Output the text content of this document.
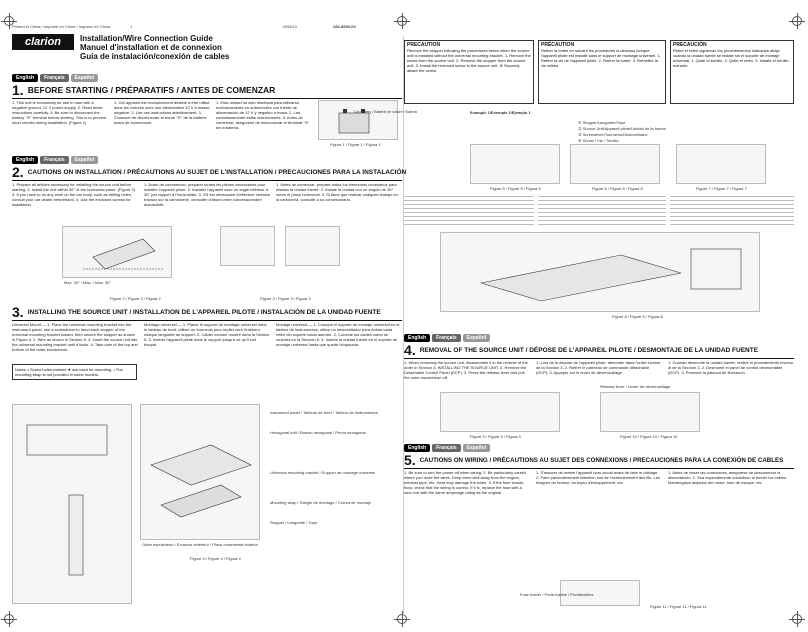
Printed in China / Imprimé en Chine / Impreso en China	1	2006/10	284-8939-00
clarion	Installation/Wire Connection Guide
Manuel d'installation et de connexion
Guía de instalación/conexión de cables
English	Français	Español
1. BEFORE STARTING / PRÉPARATIFS / ANTES DE COMENZAR
1. This unit is exclusively for use in cars with a negative ground, 12 V power supply. 2. Read these instructions carefully. 3. Be sure to disconnect the battery "⊝" terminal before starting. This is to prevent short circuits during installation. (Figure 1)
1. Cet appareil est exclusivement destiné à être utilisé dans les voitures avec une alimentation 12 V à masse négative. 2. Lire ces instructions attentivement. 3. S'assurer de déconnecter la borne "⊝" de la batterie avant de commencer.
1. Esta unidad ha sido diseñada para utilizarse exclusivamente en automóviles con fuente de alimentación de 12 V y negativo a masa. 2. Lea cuidadosamente estas instrucciones. 3. Antes de comenzar, asegúrese de desconectar el terminal "⊝" de la batería.
Car battery / Batterie de voiture / Batería
Figure 1 / Figure 1 / Figura 1
English	Français	Español
2. CAUTIONS ON INSTALLATION / PRÉCAUTIONS AU SUJET DE L'INSTALLATION / PRECAUCIONES PARA LA INSTALACIÓN
1. Prepare all articles necessary for installing the source unit before starting. 2. Install the unit within 30° of the horizontal plane. (Figure 2) 3. If you have to do any work on the car body, such as drilling holes, consult your car dealer beforehand. 4. Use the enclosed screws for installation.
1. Avant de commencer, préparer toutes les pièces nécessaires pour installer l'appareil pilote. 2. Installer l'appareil avec un angle inférieur à 30° par rapport à l'horizontale. 3. S'il est nécessaire d'effectuer certains travaux sur la carrosserie, consulter d'abord votre concessionnaire automobile.
1. Antes de comenzar, prepare todos los elementos necesarios para instalar la unidad fuente. 2. Instale la unidad con un ángulo de 30° sobre el plano horizontal. 3. Si tiene que realizar cualquier trabajo en la carrocería, consulte a su concesionario.
Max. 30° / Máx. / Max. 30°
Figure 2 / Figure 2 / Figura 2	Figure 3 / Figure 3 / Figura 3
3. INSTALLING THE SOURCE UNIT / INSTALLATION DE L'APPAREIL PILOTE / INSTALACIÓN DE LA UNIDAD FUENTE
Universal Mount — 1. Place the universal mounting bracket into the instrument panel, use a screwdriver to bend each stopper of the universal mounting bracket inward, then secure the stopper as shown in Figure 4. 2. Wire as shown in Section 5. 3. Insert the source unit into the universal mounting bracket until it locks. 4. Take care of the top and bottom of the outer escutcheon.
Montage universel — 1. Placer le support de montage universel dans le tableau de bord, utiliser un tournevis pour replier vers l'intérieur chaque languette du support. 2. Câbler comme montré dans la Section 5. 3. Insérer l'appareil pilote dans le support jusqu'à ce qu'il soit bloqué.
Montaje universal — 1. Coloque el soporte de montaje universal en el tablero de instrumentos, utilice un destornillador para doblar cada retén del soporte hacia adentro. 2. Conecte los cables como se muestra en la Sección 5. 3. Inserte la unidad fuente en el soporte de montaje universal hasta que quede bloqueada.
Notes: • Screw holes marked ★ are used for mounting. • The mounting strap is not provided in some models.
Outer escutcheon / Ecusson extérieur / Placa ornamental exterior
Universal mounting bracket / Support de montage universel
Instrument panel / Tableau de bord / Tablero de instrumentos
Hexagonal bolt / Boulon hexagonal / Perno hexagonal
Mounting strap / Sangle de montage / Correa de montaje
Stopper / Languette / Tope
Figure 4 / Figure 4 / Figura 4
PRECAUTION
Remove the stopper following the procedures below when the source unit is installed without the universal mounting bracket. 1. Remove the screw from the source unit. 2. Remove the stopper from the source unit. 3. Install the removed screw to the source unit. ※ Securely attach the screw.
PRÉCAUTION
Retirer la butée en suivant les procédures ci-dessous lorsque l'appareil pilote est installé sans le support de montage universel. 1. Retirer la vis de l'appareil pilote. 2. Retirer la butée. 3. Remettre la vis retirée.
PRECAUCIÓN
Retire el retén siguiendo los procedimientos indicados abajo cuando la unidad fuente se instale sin el soporte de montaje universal. 1. Quite el tornillo. 2. Quite el retén. 3. Instale el tornillo extraído.
Example 1/Exemple 1/Ejemplo 1
① Stopper/Languette/Tope
② Source Unit/Appareil pilote/Unidad de la fuente
③ Screwdriver/Tournevis/Destornillador
④ Screw / Vis / Tornillo
Figure 5 / Figure 5 / Figura 5	Figure 6 / Figure 6 / Figura 6	Figure 7 / Figure 7 / Figura 7
Figure 8 / Figure 8 / Figura 8
English	Français	Español
4. REMOVAL OF THE SOURCE UNIT / DÉPOSE DE L'APPAREIL PILOTE / DESMONTAJE DE LA UNIDAD FUENTE
1. When removing the source unit, disassemble it in the reverse of the order in Section 3, INSTALLING THE SOURCE UNIT. 2. Remove the Detachable Control Panel (DCP). 3. Press the release lever and pull the outer escutcheon off.
1. Lors de la dépose de l'appareil pilote, démonter dans l'ordre inverse de la Section 3. 2. Retirer le panneau de commande détachable (DCP). 3. Appuyer sur le levier de déverrouillage.
1. Cuando desmonte la unidad fuente, realice el procedimiento inverso al de la Sección 3. 2. Desmonte el panel de control desmontable (DCP). 3. Presione la palanca de liberación.
Release lever / Levier de déverrouillage
Figure 9 / Figure 9 / Figura 9	Figure 10 / Figure 10 / Figura 10
English	Français	Español
5. CAUTIONS ON WIRING / PRÉCAUTIONS AU SUJET DES CONNEXIONS / PRECAUCIONES PARA LA CONEXIÓN DE CABLES
1. Be sure to turn the power off when wiring. 2. Be particularly careful where you route the wires. Keep them well away from the engine, exhaust pipe, etc. Heat may damage the wires. 3. If the fuse should blow, check that the wiring is correct. If it is, replace the fuse with a new one with the same amperage rating as the original.
1. S'assurer de mettre l'appareil hors circuit avant de faire le câblage. 2. Faire particulièrement attention lors de l'acheminement des fils. Les éloigner du moteur, du tuyau d'échappement, etc.
1. Antes de hacer las conexiones, asegúrese de desconectar la alimentación. 2. Sea especialmente cuidadoso al tender los cables. Manténgalos alejados del motor, tubo de escape, etc.
Fuse holder / Porte-fusible / Portafusibles
Figure 11 / Figure 11 / Figura 11
